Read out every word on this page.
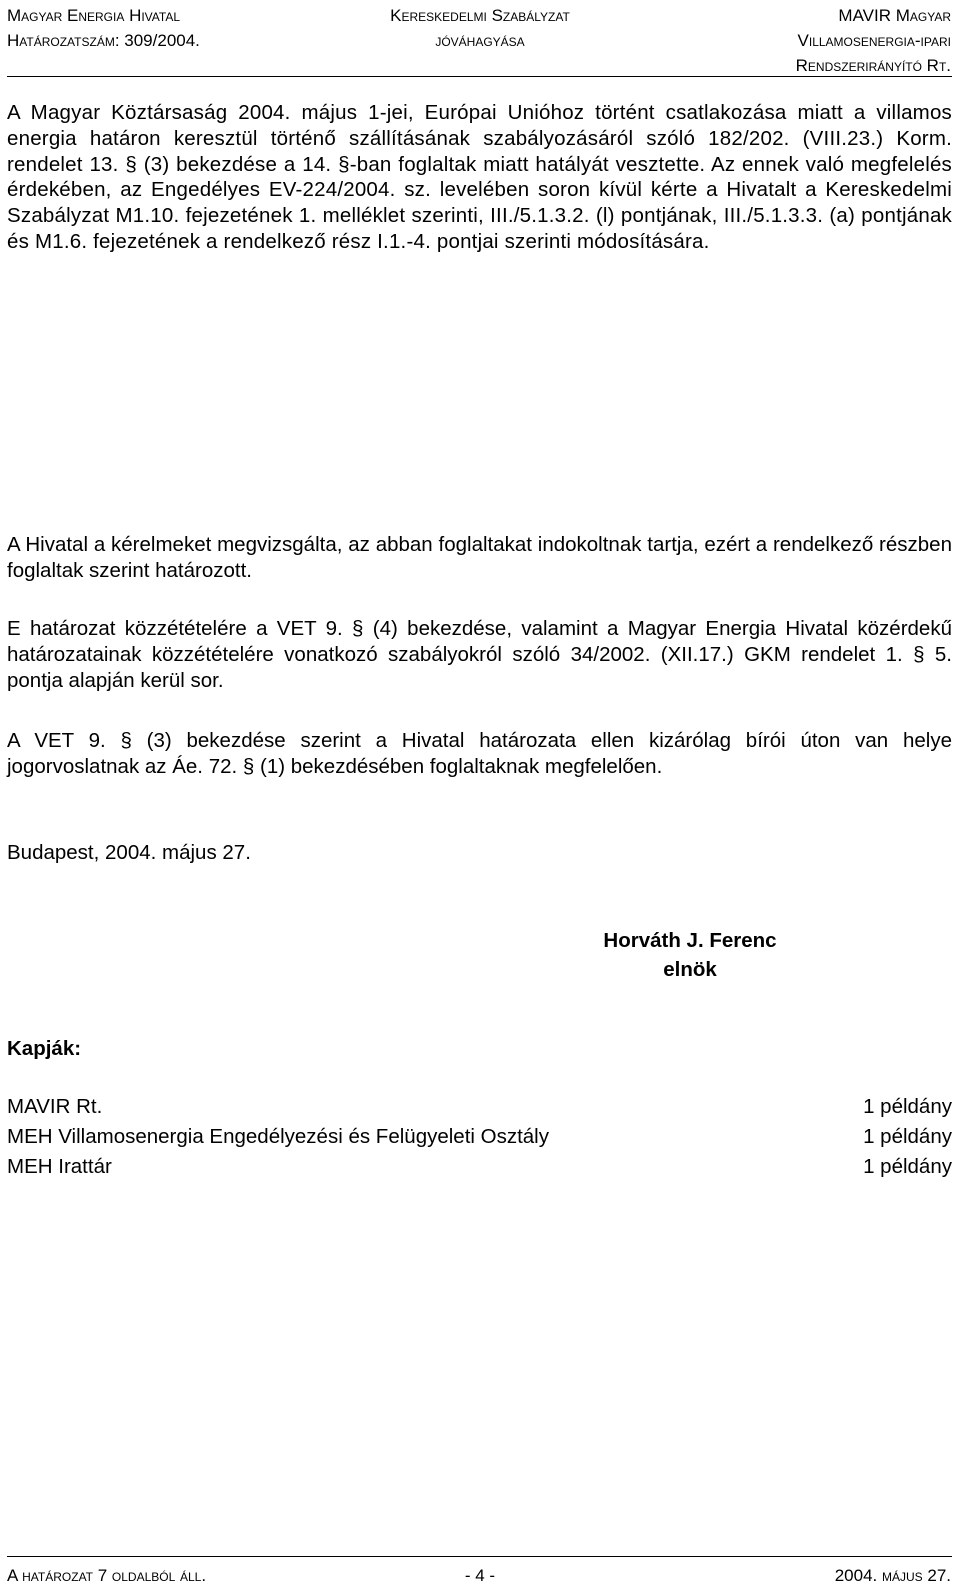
Magyar Energia Hivatal
Határozatszám: 309/2004.
Kereskedelmi Szabályzat
jóváhagyása
MAVIR Magyar
Villamosenergia-ipari
Rendszerirányító Rt.

A Magyar Köztársaság 2004. május 1-jei, Európai Unióhoz történt csatlakozása miatt a villamos energia határon keresztül történő szállításának szabályozásáról szóló 182/202. (VIII.23.) Korm. rendelet 13. § (3) bekezdése a 14. §-ban foglaltak miatt hatályát vesztette. Az ennek való megfelelés érdekében, az Engedélyes EV-224/2004. sz. levelében soron kívül kérte a Hivatalt a Kereskedelmi Szabályzat M1.10. fejezetének 1. melléklet szerinti, III./5.1.3.2. (l) pontjának, III./5.1.3.3. (a) pontjának és M1.6. fejezetének a rendelkező rész I.1.-4. pontjai szerinti módosítására.

A Hivatal a kérelmeket megvizsgálta, az abban foglaltakat indokoltnak tartja, ezért a rendelkező részben foglaltak szerint határozott.

E határozat közzétételére a VET 9. § (4) bekezdése, valamint a Magyar Energia Hivatal közérdekű határozatainak közzétételére vonatkozó szabályokról szóló 34/2002. (XII.17.) GKM rendelet 1. § 5. pontja alapján kerül sor.

A VET 9. § (3) bekezdése szerint a Hivatal határozata ellen kizárólag bírói úton van helye jogorvoslatnak az Áe. 72. § (1) bekezdésében foglaltaknak megfelelően.

Budapest, 2004. május 27.
Horváth J. Ferenc
elnök
Kapják:
MAVIR Rt.	1 példány
MEH Villamosenergia Engedélyezési és Felügyeleti Osztály	1 példány
MEH Irattár	1 példány
A határozat 7 oldalból áll.	- 4 -	2004. május 27.
